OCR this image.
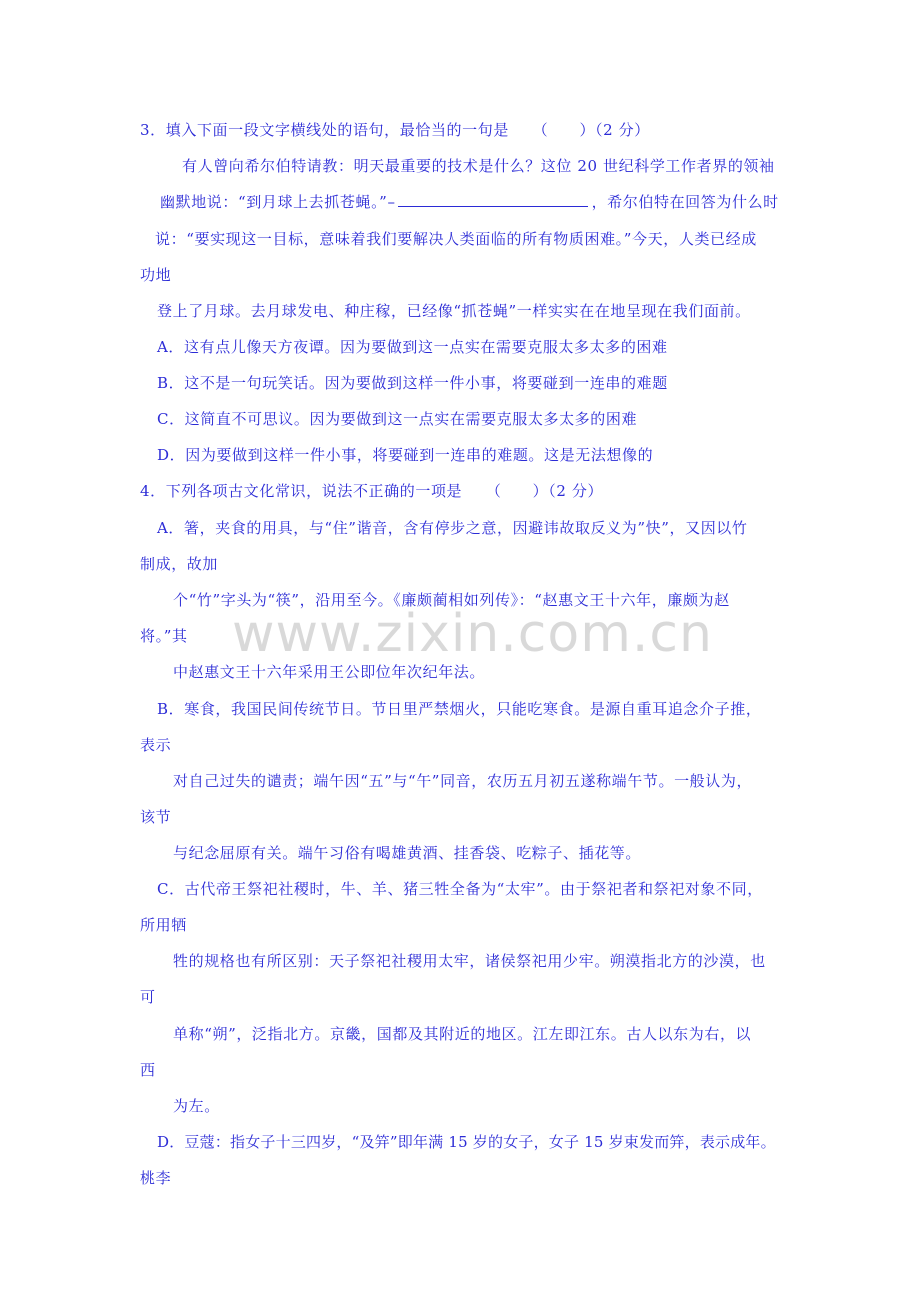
www.zixin.com.cn
3．填入下面一段文字横线处的语句，最恰当的一句是　　（　　）（2 分）
有人曾向希尔伯特请教：明天最重要的技术是什么？这位 20 世纪科学工作者界的领袖
幽默地说：“到月球上去抓苍蝇。”–	，希尔伯特在回答为什么时
说：“要实现这一目标，意味着我们要解决人类面临的所有物质困难。”今天，人类已经成
功地
登上了月球。去月球发电、种庄稼，已经像“抓苍蝇”一样实实在在地呈现在我们面前。
A．这有点儿像天方夜谭。因为要做到这一点实在需要克服太多太多的困难
B．这不是一句玩笑话。因为要做到这样一件小事，将要碰到一连串的难题
C．这简直不可思议。因为要做到这一点实在需要克服太多太多的困难
D．因为要做到这样一件小事，将要碰到一连串的难题。这是无法想像的
4．下列各项古文化常识，说法不正确的一项是　　（　　）（2 分）
A．箸，夹食的用具，与“住”谐音，含有停步之意，因避讳故取反义为”快”，又因以竹
制成，故加
个“竹”字头为“筷”，沿用至今。《廉颇蔺相如列传》：“赵惠文王十六年，廉颇为赵
将。”其
中赵惠文王十六年采用王公即位年次纪年法。
B．寒食，我国民间传统节日。节日里严禁烟火，只能吃寒食。是源自重耳追念介子推，
表示
对自己过失的谴责；端午因“五”与“午”同音，农历五月初五遂称端午节。一般认为，
该节
与纪念屈原有关。端午习俗有喝雄黄酒、挂香袋、吃粽子、插花等。
C．古代帝王祭祀社稷时，牛、羊、猪三牲全备为“太牢”。由于祭祀者和祭祀对象不同，
所用牺
牲的规格也有所区别：天子祭祀社稷用太牢，诸侯祭祀用少牢。朔漠指北方的沙漠，也
可
单称“朔”，泛指北方。京畿，国都及其附近的地区。江左即江东。古人以东为右，以
西
为左。
D．豆蔻：指女子十三四岁，“及笄”即年满 15 岁的女子，女子 15 岁束发而笄，表示成年。
桃李
